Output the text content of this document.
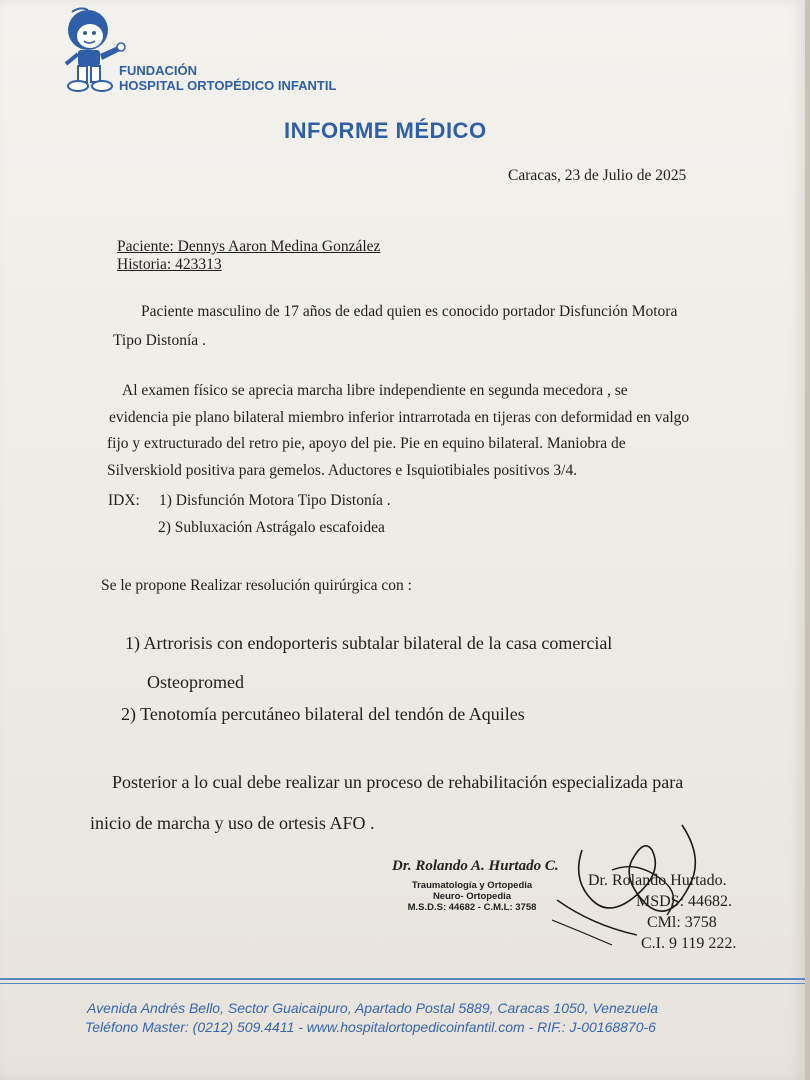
FUNDACIÓN
HOSPITAL ORTOPÉDICO INFANTIL
INFORME MÉDICO
Caracas, 23 de Julio de 2025
Paciente: Dennys Aaron Medina González
Historia: 423313
Paciente masculino de 17 años de edad quien es conocido portador Disfunción Motora
Tipo Distonía .
Al examen físico se aprecia marcha libre independiente en segunda mecedora , se
evidencia pie plano bilateral miembro inferior intrarrotada en tijeras con deformidad en valgo
fijo y extructurado del retro pie, apoyo del pie. Pie en equino bilateral. Maniobra de
Silverskiold positiva para gemelos. Aductores e Isquiotibiales positivos 3/4.
IDX: 1) Disfunción Motora Tipo Distonía .
2) Subluxación Astrágalo escafoidea
Se le propone Realizar resolución quirúrgica con :
1) Artrorisis con endoporteris subtalar bilateral de la casa comercial
Osteopromed
2) Tenotomía percutáneo bilateral del tendón de Aquiles
Posterior a lo cual debe realizar un proceso de rehabilitación especializada para
inicio de marcha y uso de ortesis AFO .
Dr. Rolando A. Hurtado C.
Traumatología y Ortopedia
Neuro- Ortopedia
M.S.D.S: 44682 - C.M.L: 3758
Dr. Rolando Hurtado.
MSDS: 44682.
CMl: 3758
C.I. 9 119 222.
Avenida Andrés Bello, Sector Guaicaipuro, Apartado Postal 5889, Caracas 1050, Venezuela
Teléfono Master: (0212) 509.4411 - www.hospitalortopedicoinfantil.com - RIF.: J-00168870-6
